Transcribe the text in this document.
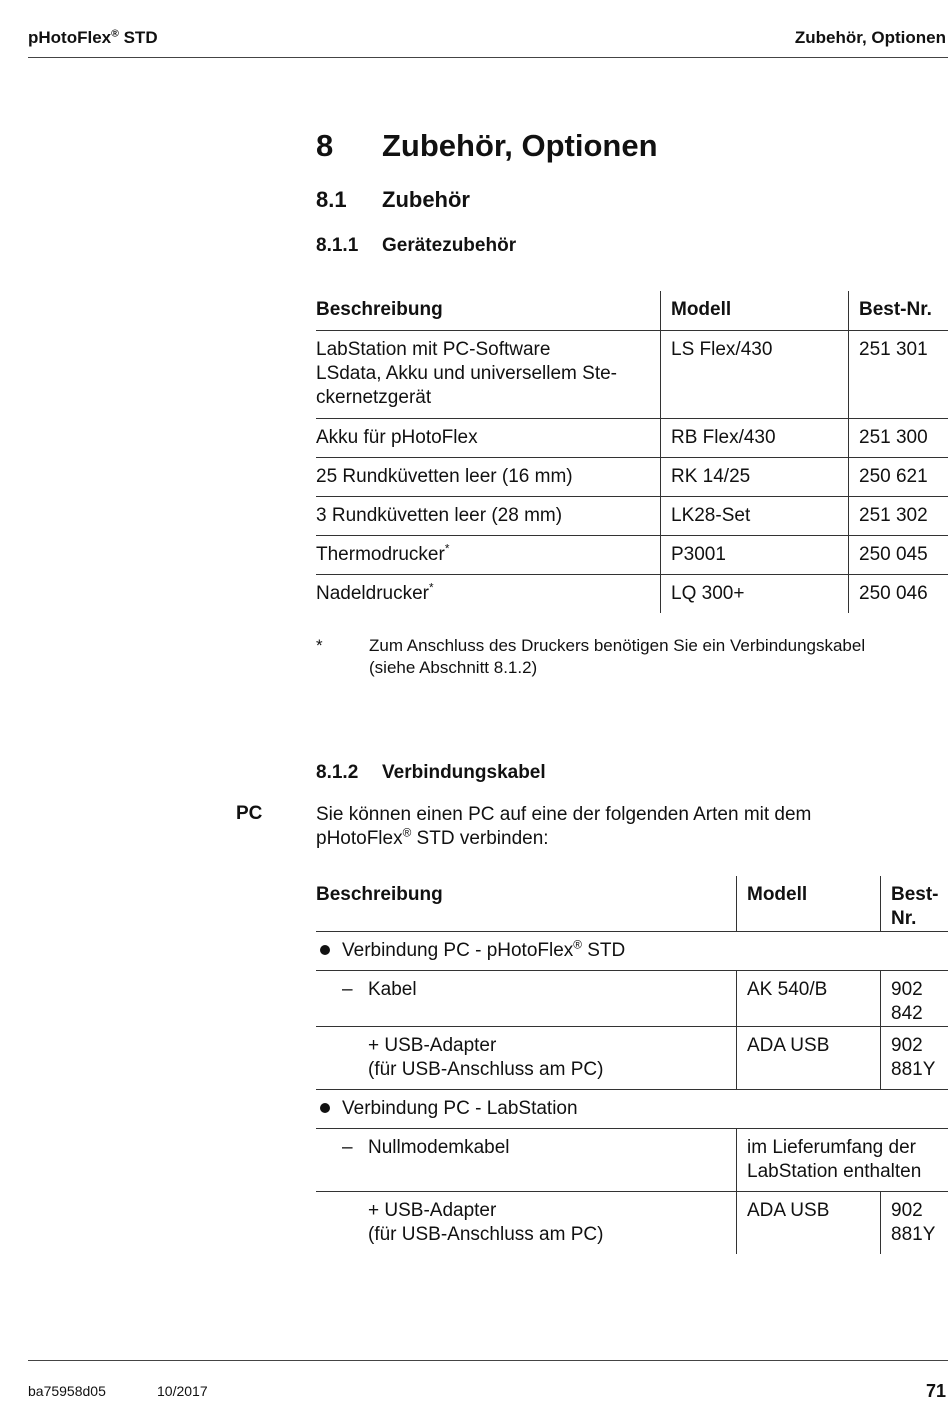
pHotoFlex® STD	Zubehör, Optionen
8 Zubehör, Optionen
8.1 Zubehör
8.1.1 Gerätezubehör
Beschreibung	Modell	Best-Nr.

LabStation mit PC-Software
LSdata, Akku und universellem Ste-
ckernetzgerät	LS Flex/430	251 301
Akku für pHotoFlex	RB Flex/430	251 300
25 Rundküvetten leer (16 mm)	RK 14/25	250 621
3 Rundküvetten leer (28 mm)	LK28-Set	251 302
Thermodrucker*	P3001	250 045
Nadeldrucker*	LQ 300+	250 046
*	Zum Anschluss des Druckers benötigen Sie ein Verbindungskabel
(siehe Abschnitt 8.1.2)
8.1.2 Verbindungskabel
PC	Sie können einen PC auf eine der folgenden Arten mit dem
pHotoFlex® STD verbinden:
Beschreibung	Modell	Best-Nr.
Verbindung PC - pHotoFlex® STD		
– Kabel	AK 540/B	902 842

+ USB-Adapter
(für USB-Anschluss am PC)	ADA USB	902 881Y
Verbindung PC - LabStation		
– Nullmodemkabel	im Lieferumfang der
LabStation enthalten	

+ USB-Adapter
(für USB-Anschluss am PC)	ADA USB	902 881Y
ba75958d05	10/2017	71
